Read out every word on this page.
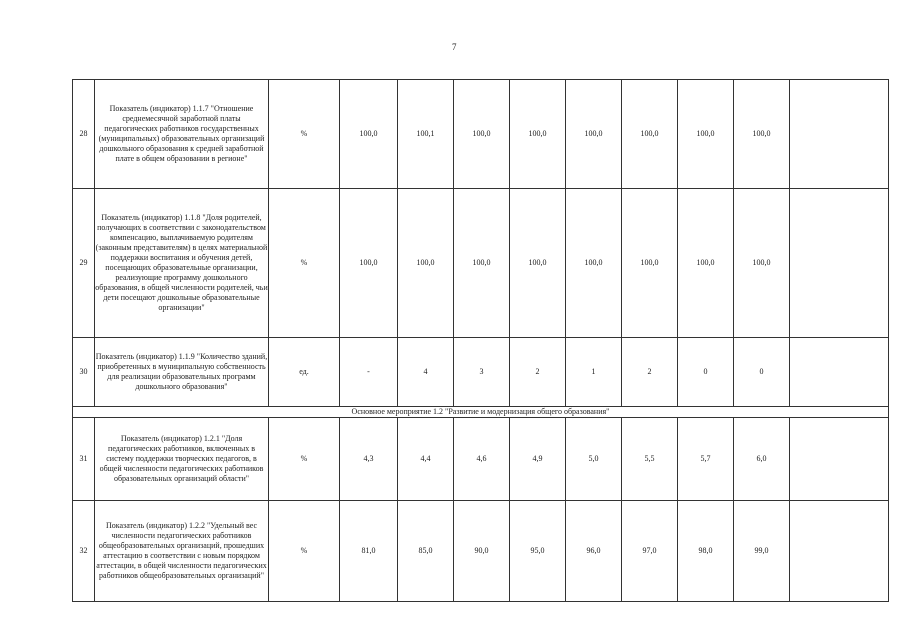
7
28	Показатель (индикатор) 1.1.7 "Отношение среднемесячной заработной платы педагогических работников государственных (муниципальных) образовательных организаций дошкольного образования к средней заработной плате в общем образовании в регионе"	%	100,0	100,1	100,0	100,0	100,0	100,0	100,0	100,0	
29	Показатель (индикатор) 1.1.8 "Доля родителей, получающих в соответствии с законодательством компенсацию, выплачиваемую родителям (законным представителям) в целях материальной поддержки воспитания и обучения детей, посещающих образовательные организации, реализующие программу дошкольного образования, в общей численности родителей, чьи дети посещают дошкольные образовательные организации"	%	100,0	100,0	100,0	100,0	100,0	100,0	100,0	100,0	
30	Показатель (индикатор) 1.1.9 "Количество зданий, приобретенных в муниципальную собственность для реализации образовательных программ дошкольного образования"	ед.	-	4	3	2	1	2	0	0	
Основное мероприятие 1.2 "Развитие и модернизация общего образования"											
31	Показатель (индикатор) 1.2.1 "Доля педагогических работников, включенных в систему поддержки творческих педагогов, в общей численности педагогических работников образовательных организаций области"	%	4,3	4,4	4,6	4,9	5,0	5,5	5,7	6,0	
32	Показатель (индикатор) 1.2.2 "Удельный вес численности педагогических работников общеобразовательных организаций, прошедших аттестацию в соответствии с новым порядком аттестации, в общей численности педагогических работников общеобразовательных организаций"	%	81,0	85,0	90,0	95,0	96,0	97,0	98,0	99,0	
